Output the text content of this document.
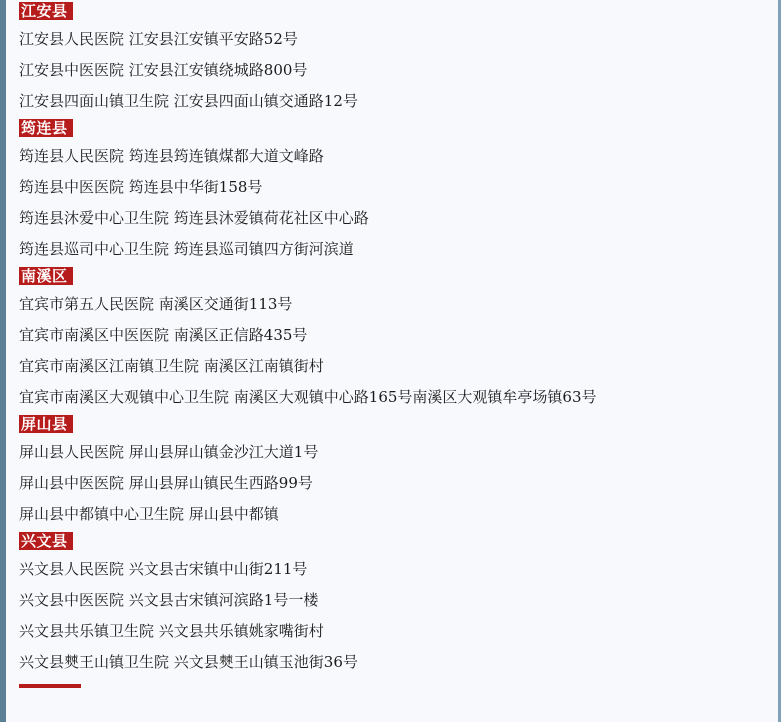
江安县
江安县人民医院 江安县江安镇平安路52号
江安县中医医院 江安县江安镇绕城路800号
江安县四面山镇卫生院 江安县四面山镇交通路12号
筠连县
筠连县人民医院 筠连县筠连镇煤都大道文峰路
筠连县中医医院 筠连县中华街158号
筠连县沐爱中心卫生院 筠连县沐爱镇荷花社区中心路
筠连县巡司中心卫生院 筠连县巡司镇四方街河滨道
南溪区
宜宾市第五人民医院 南溪区交通街113号
宜宾市南溪区中医医院 南溪区正信路435号
宜宾市南溪区江南镇卫生院 南溪区江南镇街村
宜宾市南溪区大观镇中心卫生院 南溪区大观镇中心路165号南溪区大观镇牟亭场镇63号
屏山县
屏山县人民医院 屏山县屏山镇金沙江大道1号
屏山县中医医院 屏山县屏山镇民生西路99号
屏山县中都镇中心卫生院 屏山县中都镇
兴文县
兴文县人民医院 兴文县古宋镇中山街211号
兴文县中医医院 兴文县古宋镇河滨路1号一楼
兴文县共乐镇卫生院 兴文县共乐镇姚家嘴街村
兴文县僰王山镇卫生院 兴文县僰王山镇玉池街36号
